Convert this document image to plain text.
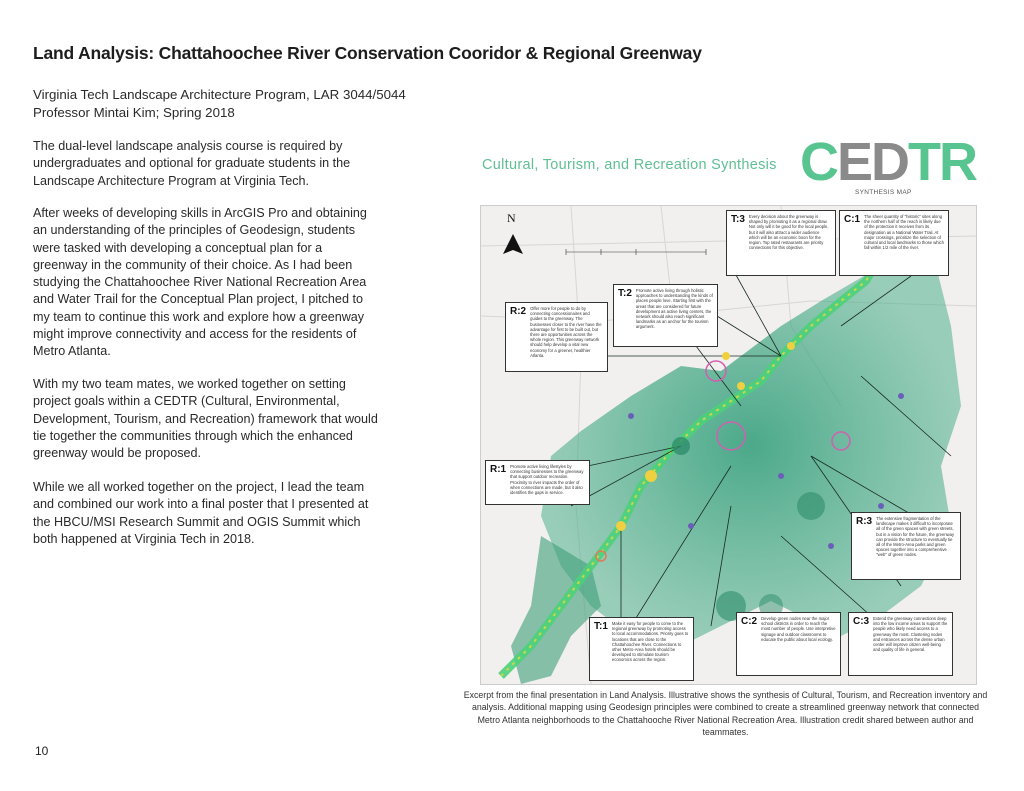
Land Analysis: Chattahoochee River Conservation Cooridor & Regional Greenway
Virginia Tech Landscape Architecture Program, LAR 3044/5044
Professor Mintai Kim; Spring 2018

The dual-level landscape analysis course is required by undergraduates and optional for graduate students in the Landscape Architecture Program at Virginia Tech.

After weeks of developing skills in ArcGIS Pro and obtaining an understanding of the principles of Geodesign, students were tasked with developing a conceptual plan for a greenway in the community of their choice. As I had been studying the Chattahoochee River National Recreation Area and Water Trail for the Conceptual Plan project, I pitched to my team to continue this work and explore how a greenway might improve connectivity and access for the residents of Metro Atlanta.

With my two team mates, we worked together on setting project goals within a CEDTR (Cultural, Environmental, Development, Tourism, and Recreation) framework that would tie together the communities through which the enhanced greenway would be proposed.

While we all worked together on the project, I lead the team and combined our work into a final poster that I presented at the HBCU/MSI Research Summit and OGIS Summit which both happened at Virginia Tech in 2018.

10
Cultural, Tourism, and Recreation Synthesis CEDTR
SYNTHESIS MAP
N	T:3 Every decision about the greenway is shaped by promoting it as a regional draw. Not only will it be good for the local people, but it will also attract a wider audience which will be an economic boon for the region. Top rated restaurants are priority connections for this objective.
C:1 The sheer quantity of "historic" sites along the northern half of the reach is likely due of the protection it receives from its designation as a National Water Trail. At major crossings, prioritize the selection of cultural and local landmarks to those which fall within 1/2 mile of the river.
T:2 Promote active living through holistic approaches to understanding the kinds of places people love. Starting first with the areas that are considered for future development as active living centers, the network should also reach significant landmarks as an anchor for the tourism argument.
R:2 Offer more for people to do by connecting concessionaires and guides to the greenway. The businesses closer to the river have the advantage for first to be built out, but there are opportunities across the whole region. This greenway network should help develop a vital new economy for a greener, healthier Atlanta.
R:1 Promote active living lifestyles by connecting businesses to the greenway that support outdoor recreation. Proximity to river impacts the order of when connections are made, but it also identifies the gaps in service.
R:3 The extensive fragmentation of the landscape makes it difficult to incorporate all of the green spaces with green streets, but in a vision for the future, the greenway can provide the structure to eventually tie all of the Metro-Area parks and green spaces together into a comprehensive "web" of green nodes.
T:1 Make it easy for people to come to the regional greenway by promoting access to local accommodations. Priority goes to locations that are close to the Chattahoochee River. Connections to other Metro-Area hotels should be developed to stimulate tourism economics across the region.
C:2 Develop green nodes near the major school districts in order to reach the most number of people. Use interpretive signage and outdoor classrooms to educate the public about local ecology.
C:3 Extend the greenway connections deep into the low income areas to support the people who likely need access to a greenway the most. Clustering nodes and entrances across the dense urban center will improve citizen well-being and quality of life in general.
Excerpt from the final presentation in Land Analysis. Illustrative shows the synthesis of Cultural, Tourism, and Recreation inventory and analysis. Additional mapping using Geodesign principles were combined to create a streamlined greenway network that connected Metro Atlanta neighborhoods to the Chattahooche River National Recreation Area. Illustration credit shared between author and teammates.
